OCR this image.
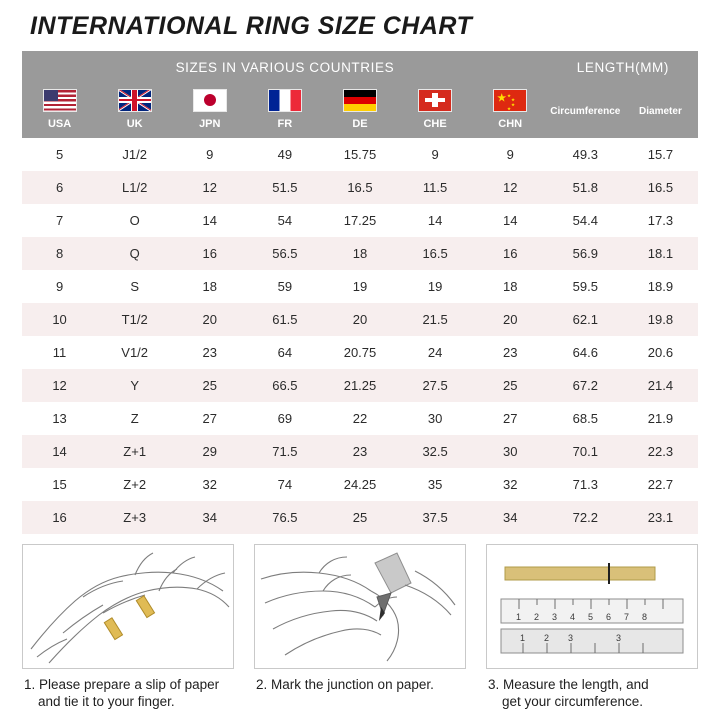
INTERNATIONAL RING SIZE CHART
SIZES IN VARIOUS COUNTRIES							LENGTH(MM)	

USA	UK	JPN	FR	DE	CHE

★ ★
★
★
★
CHN

Circumference	Diameter

5	J1/2	9	49	15.75	9	9	49.3	15.7
6	L1/2	12	51.5	16.5	11.5	12	51.8	16.5
7	O	14	54	17.25	14	14	54.4	17.3
8	Q	16	56.5	18	16.5	16	56.9	18.1
9	S	18	59	19	19	18	59.5	18.9
10	T1/2	20	61.5	20	21.5	20	62.1	19.8
11	V1/2	23	64	20.75	24	23	64.6	20.6
12	Y	25	66.5	21.25	27.5	25	67.2	21.4
13	Z	27	69	22	30	27	68.5	21.9
14	Z+1	29	71.5	23	32.5	30	70.1	22.3
15	Z+2	32	74	24.25	35	32	71.3	22.7
16	Z+3	34	76.5	25	37.5	34	72.2	23.1
1. Please prepare a slip of paper
and tie it to your finger.
2. Mark the junction on paper.
1 2 3 4 5 6 7 8
1 2 3	3
3. Measure the length, and
get your circumference.
